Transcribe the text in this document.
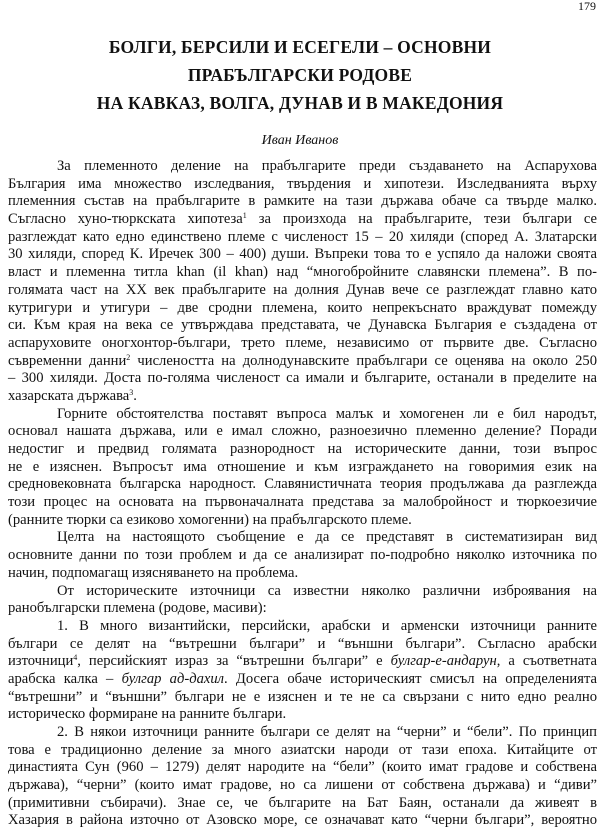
179
БОЛГИ, БЕРСИЛИ И ЕСЕГЕЛИ – ОСНОВНИ
ПРАБЪЛГАРСКИ РОДОВЕ
НА КАВКАЗ, ВОЛГА, ДУНАВ И В МАКЕДОНИЯ
Иван Иванов
За племенното деление на прабългарите преди създаването на Аспарухова
България има множество изследвания, твърдения и хипотези. Изследванията върху
племенния състав на прабългарите в рамките на тази държава обаче са твърде малко.
Съгласно хуно-тюркската хипотеза$^1$ за произхода на прабългарите, тези българи се
разглеждат като едно единствено племе с численост 15 – 20 хиляди (според А. Златарски
30 хиляди, според К. Иречек 300 – 400) души. Въпреки това то е успяло да наложи своята
власт и племенна титла khan (il khan) над “многобройните славянски племена”. В по-
голямата част на XX век прабългарите на долния Дунав вече се разглеждат главно като
кутригури и утигури – две сродни племена, които непрекъснато враждуват помежду
си. Към края на века се утвърждава представата, че Дунавска България е създадена от
аспаруховите оногхонтор-българи, трето племе, независимо от първите две. Съгласно
съвременни данни$^2$ числеността на долнодунавските прабългари се оценява на около 250
– 300 хиляди. Доста по-голяма численост са имали и българите, останали в пределите на
хазарската държава$^3$.
Горните обстоятелства поставят въпроса малък и хомогенен ли е бил народът,
основал нашата държава, или е имал сложно, разноезично племенно деление? Поради
недостиг и предвид голямата разнородност на историческите данни, този въпрос
не е изяснен. Въпросът има отношение и към изграждането на говоримия език на
средновековната българска народност. Славянистичната теория продължава да разглежда
този процес на основата на първоначалната представа за малобройност и тюркоезичие
(ранните тюрки са езиково хомогенни) на прабългарското племе.
Целта на настоящото съобщение е да се представят в систематизиран вид
основните данни по този проблем и да се анализират по-подробно няколко източника по
начин, подпомагащ изясняването на проблема.
От историческите източници са известни няколко различни изброявания на
ранобългарски племена (родове, масиви):
1. В много византийски, персийски, арабски и арменски източници ранните
българи се делят на “вътрешни българи” и “външни българи”. Съгласно арабски
източници$^4$, персийският израз за “вътрешни българи” е булгар-е-андарун, а съответната
арабска калка – булгар ад-дахил. Досега обаче историческият смисъл на определенията
“вътрешни” и “външни” българи не е изяснен и те не са свързани с нито едно реално
историческо формиране на ранните българи.
2. В някои източници ранните българи се делят на “черни” и “бели”. По принцип
това е традиционно деление за много азиатски народи от тази епоха. Китайците от
династията Сун (960 – 1279) делят народите на “бели” (които имат градове и собствена
държава), “черни” (които имат градове, но са лишени от собствена държава) и “диви”
(примитивни събирачи). Знае се, че българите на Бат Баян, останали да живеят в
Хазария в района източно от Азовско море, се означават като “черни българи”, вероятно
